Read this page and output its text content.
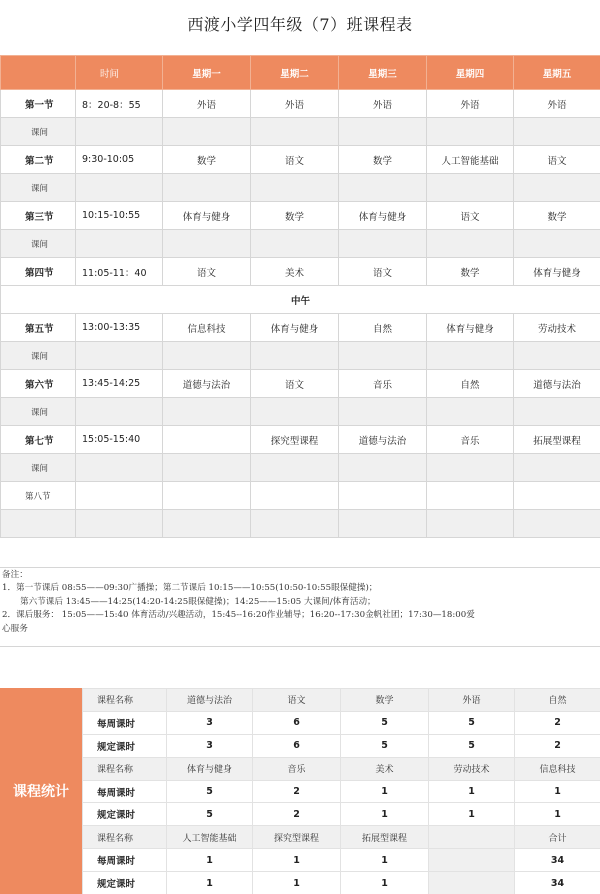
西渡小学四年级（7）班课程表
	时间	星期一	星期二	星期三	星期四	星期五
第一节	8：20-8：55	外语	外语	外语	外语	外语
课间						
第二节	9:30-10:05	数学	语文	数学	人工智能基础	语文
课间						
第三节	10:15-10:55	体育与健身	数学	体育与健身	语文	数学
课间						
第四节	11:05-11：40	语文	美术	语文	数学	体育与健身
中午						
第五节	13:00-13:35	信息科技	体育与健身	自然	体育与健身	劳动技术
课间						
第六节	13:45-14:25	道德与法治	语文	音乐	自然	道德与法治
课间						
第七节	15:05-15:40		探究型课程	道德与法治	音乐	拓展型课程
课间						
第八节						

备注：
1．第一节课后 08:55——09:30广播操；第二节课后 10:15——10:55(10:50-10:55眼保健操)；
第六节课后 13:45——14:25(14:20-14:25眼保健操)；14:25——15:05 大课间/体育活动；
2．课后服务： 15:05——15:40 体育活动/兴趣活动，15:45--16:20作业辅导；16:20--17:30金帆社团；17:30—18:00爱
心服务
课程统计
课程名称	道德与法治	语文	数学	外语	自然
每周课时	3	6	5	5	2
规定课时	3	6	5	5	2
课程名称	体育与健身	音乐	美术	劳动技术	信息科技
每周课时	5	2	1	1	1
规定课时	5	2	1	1	1
课程名称	人工智能基础	探究型课程	拓展型课程		合计
每周课时	1	1	1		34
规定课时	1	1	1		34
